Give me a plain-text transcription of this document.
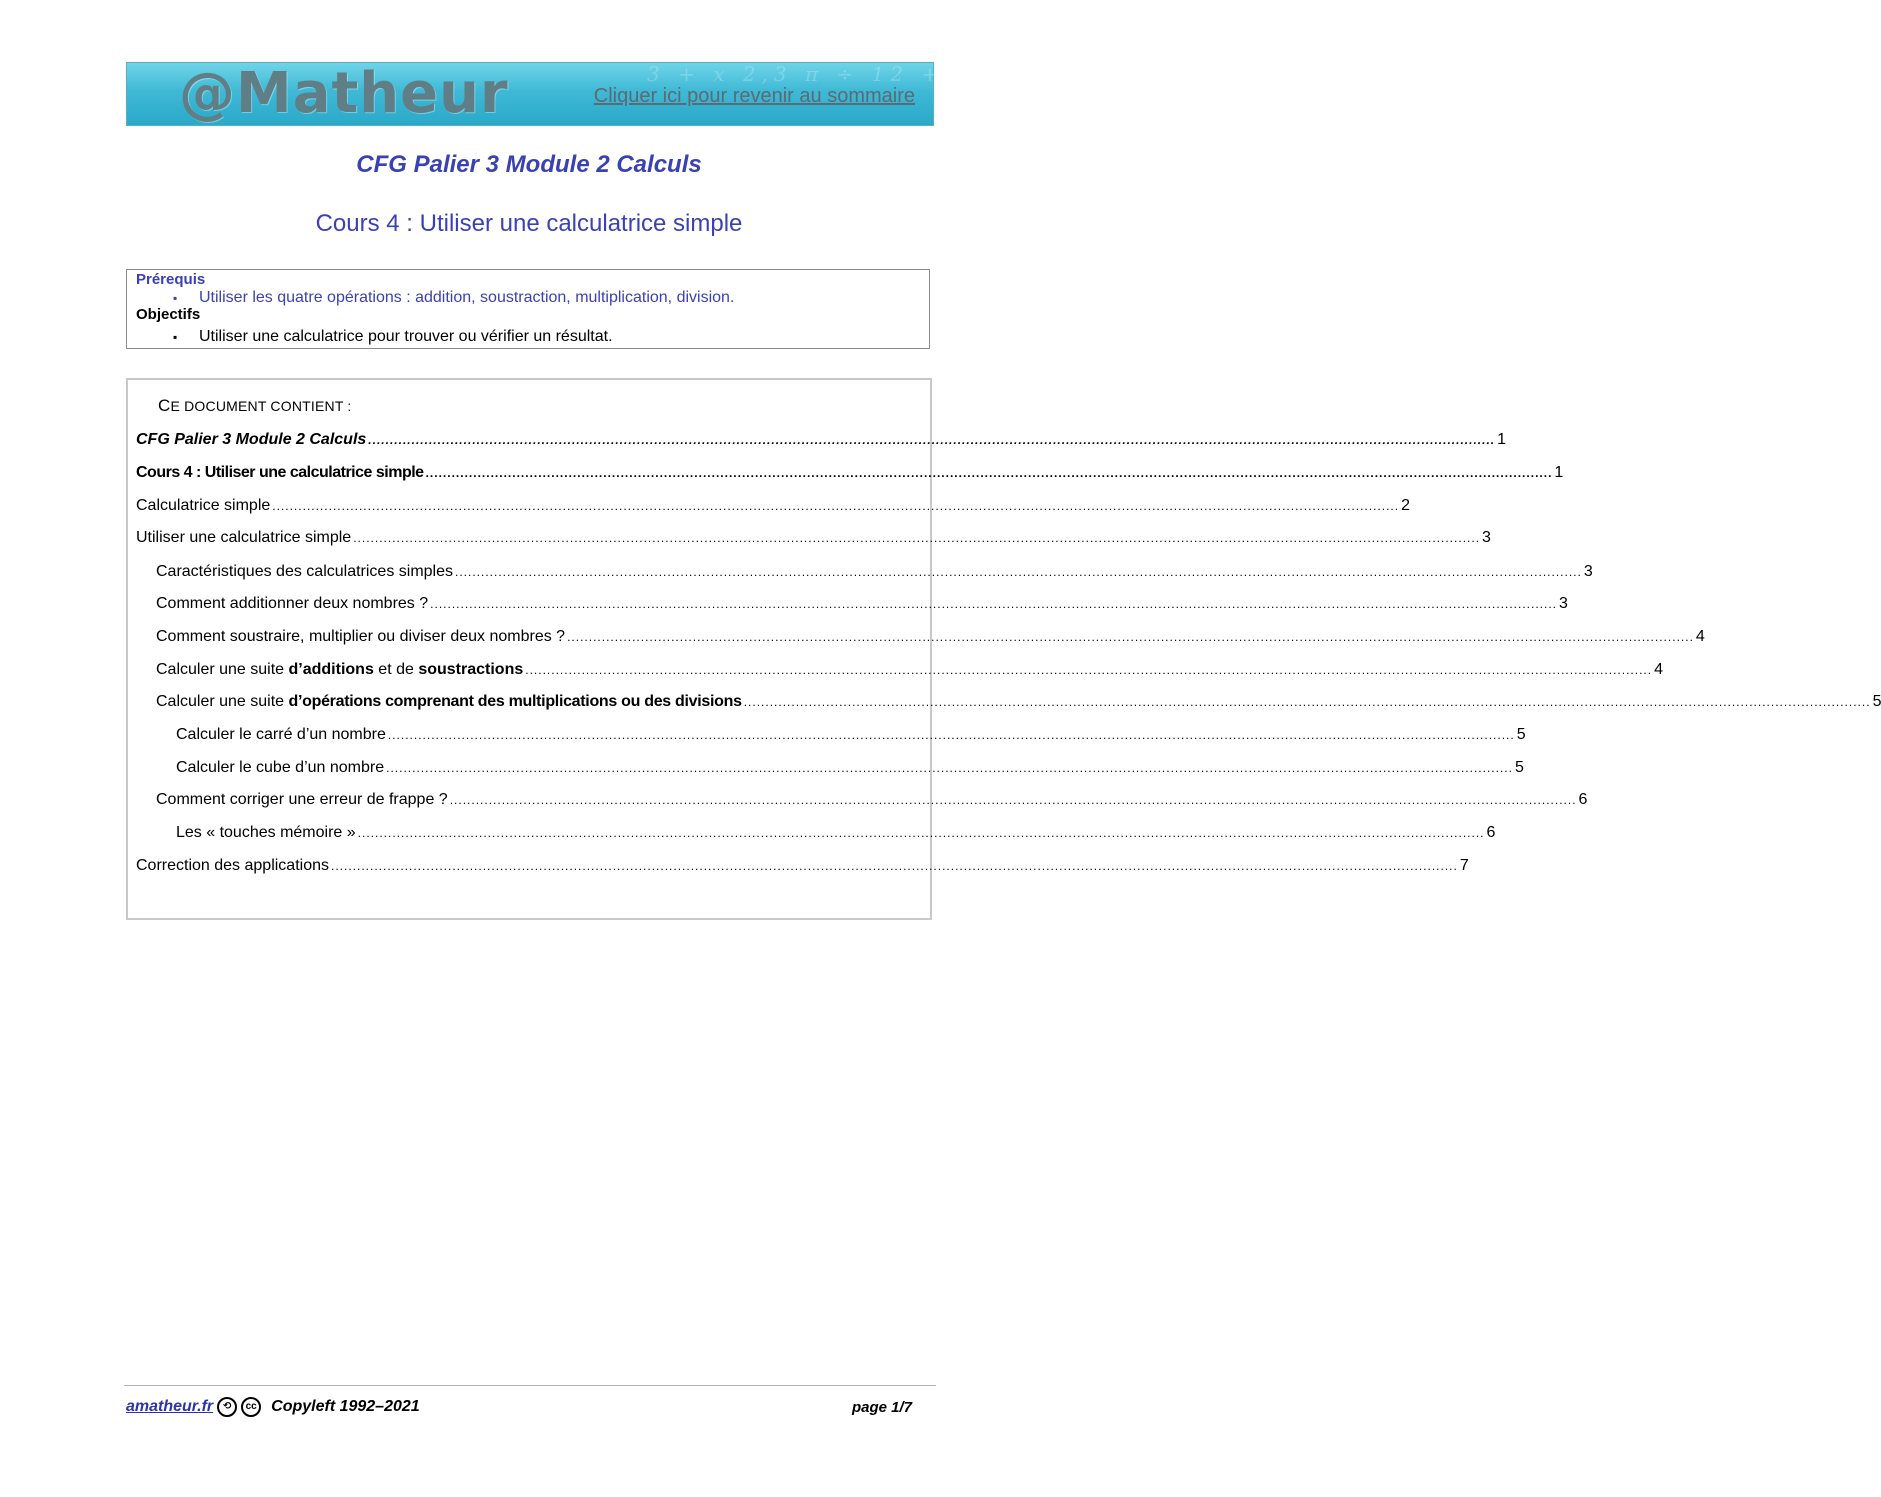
3 + x 2,3 π ÷ 12 + × ∑ 7
@Matheur	Cliquer ici pour revenir au sommaire
CFG Palier 3 Module 2 Calculs
Cours 4 : Utiliser une calculatrice simple
Prérequis
▪ Utiliser les quatre opérations : addition, soustraction, multiplication, division.
Objectifs
▪ Utiliser une calculatrice pour trouver ou vérifier un résultat.
CE DOCUMENT CONTIENT :
CFG Palier 3 Module 2 Calculs .....	1
Cours 4 : Utiliser une calculatrice simple .....	1
Calculatrice simple .....	2
Utiliser une calculatrice simple .....	3
Caractéristiques des calculatrices simples .....	3
Comment additionner deux nombres ? .....	3
Comment soustraire, multiplier ou diviser deux nombres ? .....	4
Calculer une suite d’additions et de soustractions .....	4
Calculer une suite d’opérations comprenant des multiplications ou des divisions .....	5
Calculer le carré d’un nombre .....	5
Calculer le cube d’un nombre .....	5
Comment corriger une erreur de frappe ? .....	6
Les « touches mémoire » .....	6
Correction des applications .....	7
amatheur.fr ⟲	cc Copyleft 1992–2021	page 1/7
